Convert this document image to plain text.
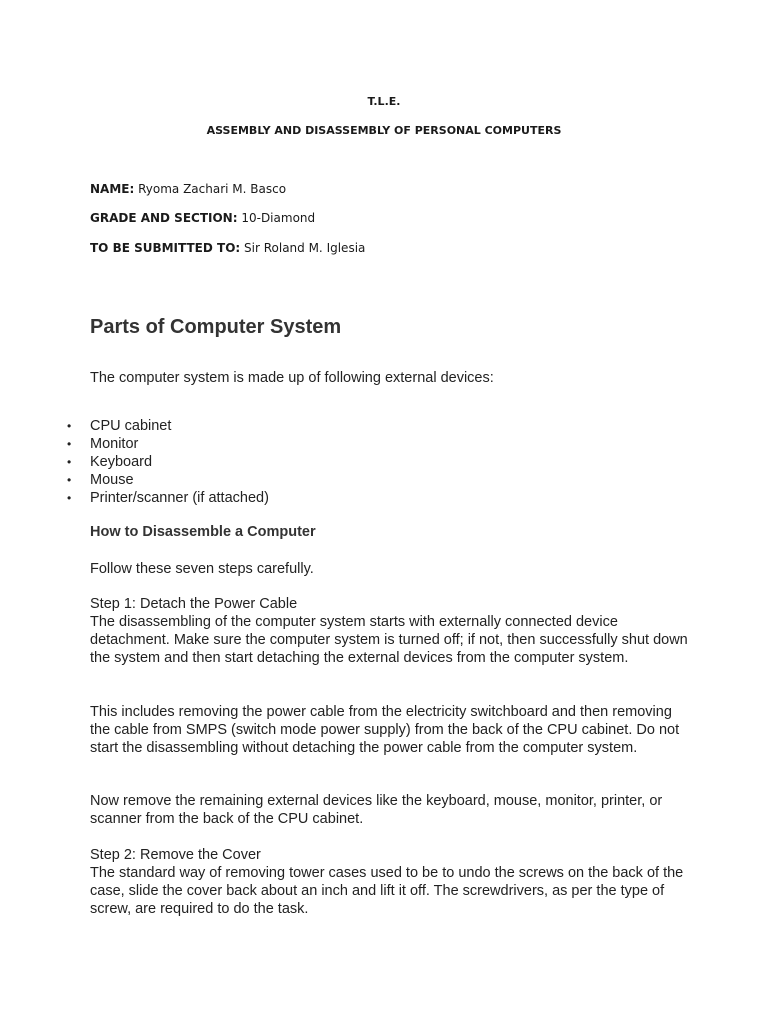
T.L.E.
ASSEMBLY AND DISASSEMBLY OF PERSONAL COMPUTERS
NAME: Ryoma Zachari M. Basco
GRADE AND SECTION: 10-Diamond
TO BE SUBMITTED TO: Sir Roland M. Iglesia
Parts of Computer System
The computer system is made up of following external devices:
• CPU cabinet
• Monitor
• Keyboard
• Mouse
• Printer/scanner (if attached)
How to Disassemble a Computer
Follow these seven steps carefully.
Step 1: Detach the Power Cable
The disassembling of the computer system starts with externally connected device detachment. Make sure the computer system is turned off; if not, then successfully shut down the system and then start detaching the external devices from the computer system.
This includes removing the power cable from the electricity switchboard and then removing the cable from SMPS (switch mode power supply) from the back of the CPU cabinet. Do not start the disassembling without detaching the power cable from the computer system.
Now remove the remaining external devices like the keyboard, mouse, monitor, printer, or scanner from the back of the CPU cabinet.
Step 2: Remove the Cover
The standard way of removing tower cases used to be to undo the screws on the back of the case, slide the cover back about an inch and lift it off. The screwdrivers, as per the type of screw, are required to do the task.
